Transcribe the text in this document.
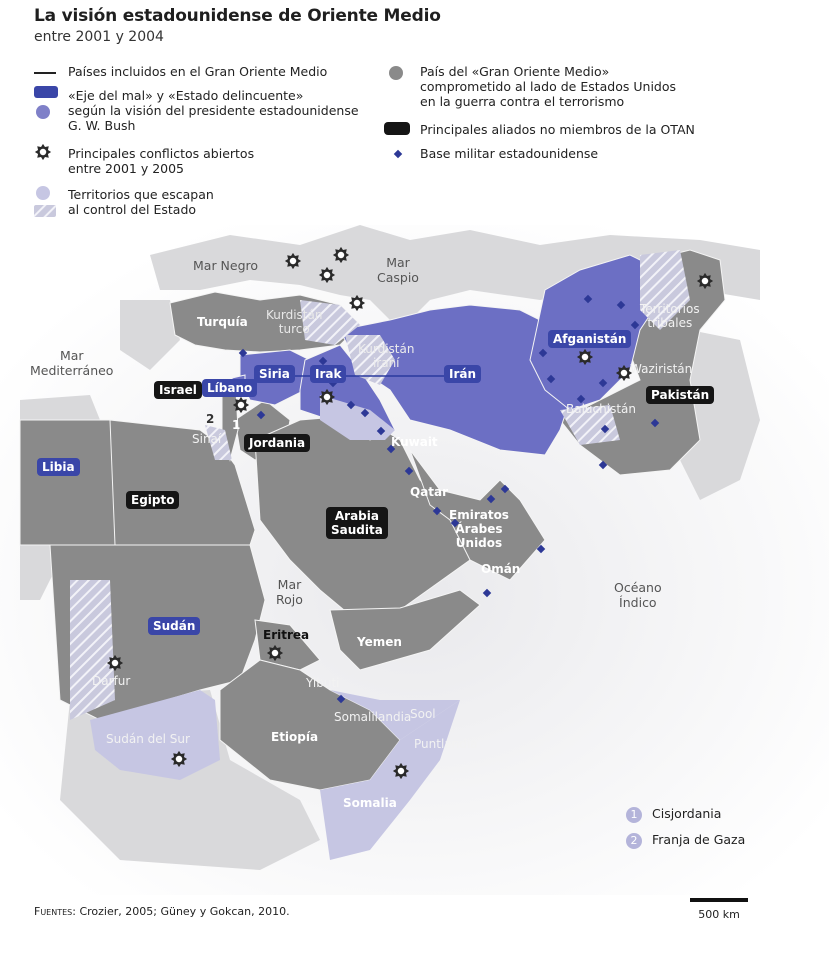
La visión estadounidense de Oriente Medio
entre 2001 y 2004
Países incluidos en el Gran Oriente Medio
«Eje del mal» y «Estado delincuente»
según la visión del presidente estadounidense
G. W. Bush
Principales conflictos abiertos
entre 2001 y 2005
Territorios que escapan
al control del Estado
País del «Gran Oriente Medio»
comprometido al lado de Estados Unidos
en la guerra contra el terrorismo
Principales aliados no miembros de la OTAN
Base militar estadounidense
Mar Negro	Mar
Caspio
Mar
Mediterráneo
Mar
Rojo
Océano
Índico
Turquía
Siria	Irak	Irán
Afganistán
Pakistán
Israel Líbano
Jordania
Libia
Egipto
Arabia
Saudita
Kuwait
Qatar
Emiratos
Árabes
Unidos
Omán
Yemen
Sudán
Eritrea
Yibuti
Etiopía
Sudán del Sur
Somalia
Kurdistán
turco
Kurdistán
iraní
Territorios
tribales
Waziristán
Baluchistán
Sinaí
Darfur
Somalilandia
Sool
Puntlandia
2 1
1 Cisjordania
2 Franja de Gaza
Fuentes: Crozier, 2005; Güney y Gokcan, 2010.	500 km
